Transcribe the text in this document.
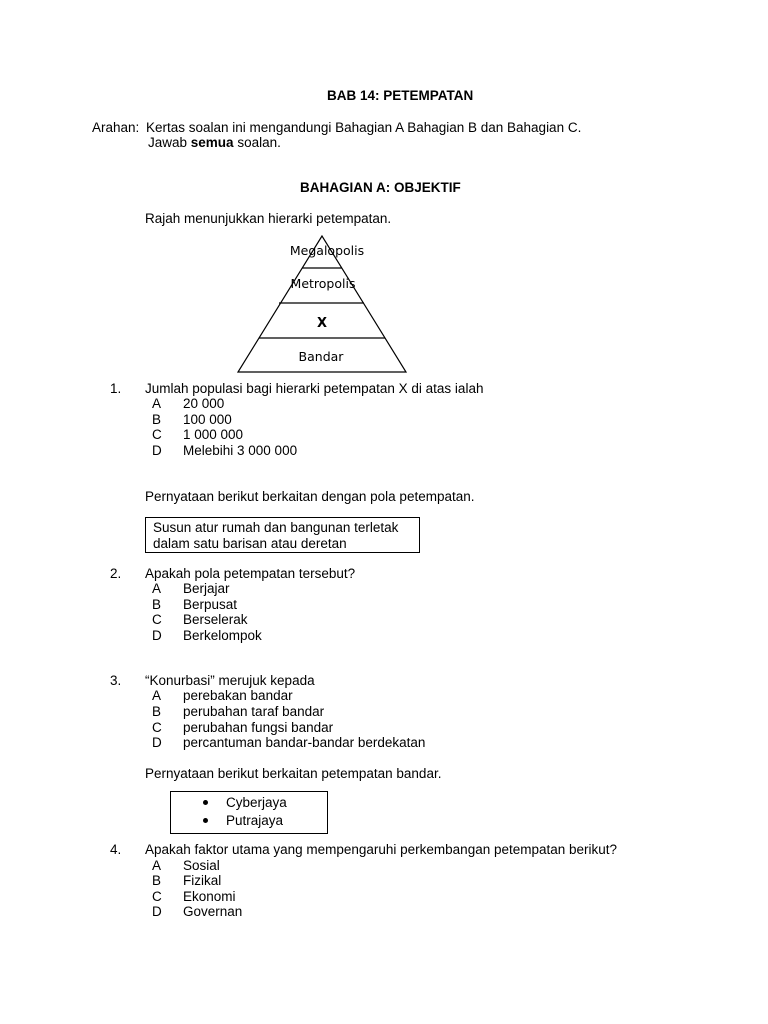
BAB 14: PETEMPATAN
Arahan: Kertas soalan ini mengandungi Bahagian A Bahagian B dan Bahagian C.
Jawab semua soalan.
BAHAGIAN A: OBJEKTIF
Rajah menunjukkan hierarki petempatan.
Megalopolis
Metropolis
X
Bandar
1. Jumlah populasi bagi hierarki petempatan X di atas ialah
A 20 000
B 100 000
C 1 000 000
D Melebihi 3 000 000
Pernyataan berikut berkaitan dengan pola petempatan.
Susun atur rumah dan bangunan terletak
dalam satu barisan atau deretan
2. Apakah pola petempatan tersebut?
A Berjajar
B Berpusat
C Berselerak
D Berkelompok
3. “Konurbasi” merujuk kepada
A perebakan bandar
B perubahan taraf bandar
C perubahan fungsi bandar
D percantuman bandar-bandar berdekatan
Pernyataan berikut berkaitan petempatan bandar.
Cyberjaya
Putrajaya
4. Apakah faktor utama yang mempengaruhi perkembangan petempatan berikut?
A Sosial
B Fizikal
C Ekonomi
D Governan
